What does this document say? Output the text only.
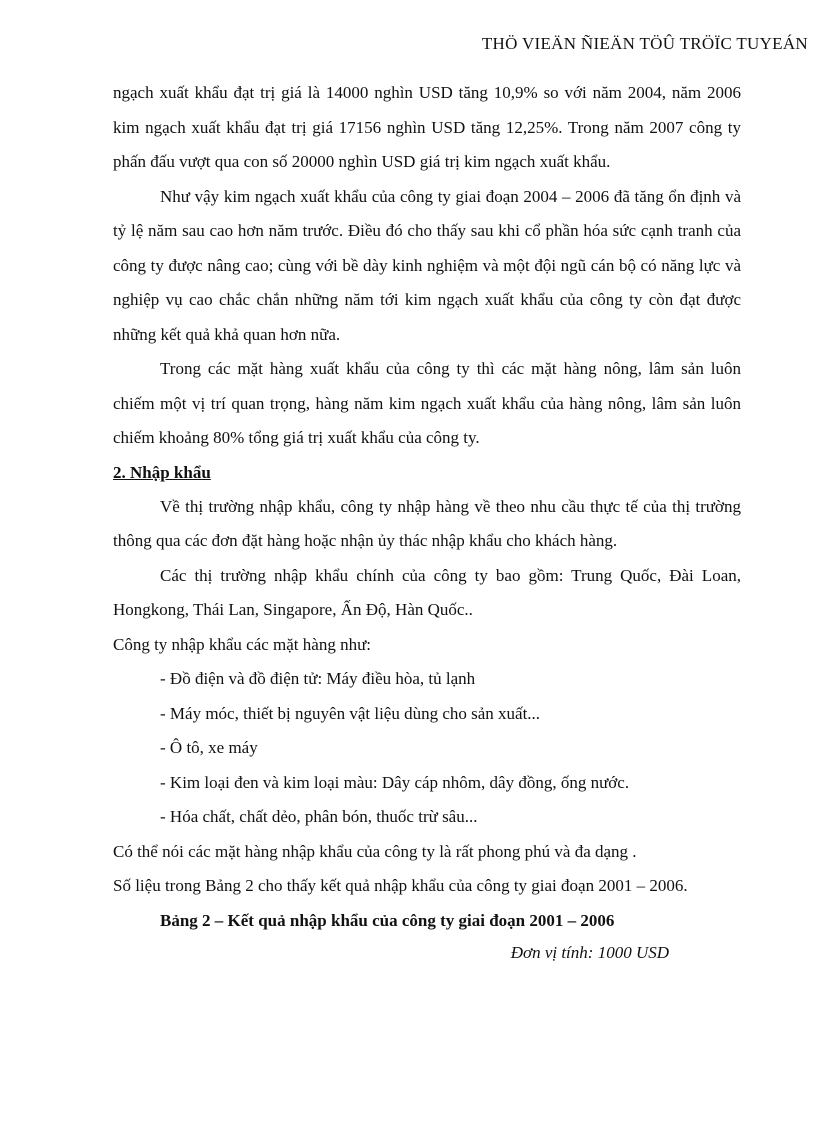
THÖ VIEÄN ÑIEÄN TÖÛ TRÖÏC TUYEÁN

ngạch xuất khẩu đạt trị giá là 14000 nghìn USD tăng 10,9% so với năm 2004, năm 2006 kim ngạch xuất khẩu đạt trị giá 17156 nghìn USD tăng 12,25%. Trong năm 2007 công ty phấn đấu vượt qua con số 20000 nghìn USD giá trị kim ngạch xuất khẩu.

Như vậy kim ngạch xuất khẩu của công ty giai đoạn 2004 – 2006 đã tăng ổn định và tỷ lệ năm sau cao hơn năm trước. Điều đó cho thấy sau khi cổ phần hóa sức cạnh tranh của công ty được nâng cao; cùng với bề dày kinh nghiệm và một đội ngũ cán bộ có năng lực và nghiệp vụ cao chắc chắn những năm tới kim ngạch xuất khẩu của công ty còn đạt được những kết quả khả quan hơn nữa.

Trong các mặt hàng xuất khẩu của công ty thì các mặt hàng nông, lâm sản luôn chiếm một vị trí quan trọng, hàng năm kim ngạch xuất khẩu của hàng nông, lâm sản luôn chiếm khoảng 80% tổng giá trị xuất khẩu của công ty.

2. Nhập khẩu

Về thị trường nhập khẩu, công ty nhập hàng về theo nhu cầu thực tế của thị trường thông qua các đơn đặt hàng hoặc nhận ủy thác nhập khẩu cho khách hàng.

Các thị trường nhập khẩu chính của công ty bao gồm: Trung Quốc, Đài Loan, Hongkong, Thái Lan, Singapore, Ấn Độ, Hàn Quốc..

Công ty nhập khẩu các mặt hàng như:

- Đồ điện và đồ điện tử: Máy điều hòa, tủ lạnh

- Máy móc, thiết bị nguyên vật liệu dùng cho sản xuất...

- Ô tô, xe máy

- Kim loại đen và kim loại màu: Dây cáp nhôm, dây đồng, ống nước.

- Hóa chất, chất dẻo, phân bón, thuốc trừ sâu...

Có thể nói các mặt hàng nhập khẩu của công ty là rất phong phú và đa dạng .

Số liệu trong Bảng 2 cho thấy kết quả nhập khẩu của công ty giai đoạn 2001 – 2006.

Bảng 2 – Kết quả nhập khẩu của công ty giai đoạn 2001 – 2006

Đơn vị tính: 1000 USD
